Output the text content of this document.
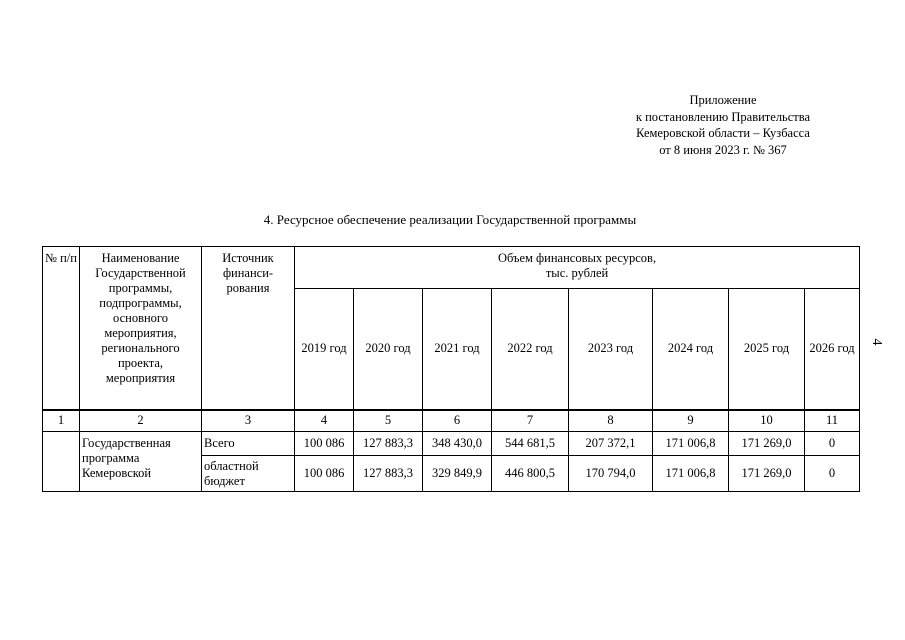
Приложение
к постановлению Правительства
Кемеровской области – Кузбасса
от 8 июня 2023 г. № 367
4. Ресурсное обеспечение реализации Государственной программы
4
№ п/п	Наименование Государственной программы, подпрограммы, основного мероприятия, регионального проекта, мероприятия	Источник финанси-рования	Объем финансовых ресурсов,
тыс. рублей							

			2019 год	2020 год	2021 год	2022 год	2023 год	2024 год	2025 год	2026 год
1	2	3	4	5	6	7	8	9	10	11
	Государственная программа Кемеровской	Всего	100 086	127 883,3	348 430,0	544 681,5	207 372,1	171 006,8	171 269,0	0
		областной бюджет	100 086	127 883,3	329 849,9	446 800,5	170 794,0	171 006,8	171 269,0	0
